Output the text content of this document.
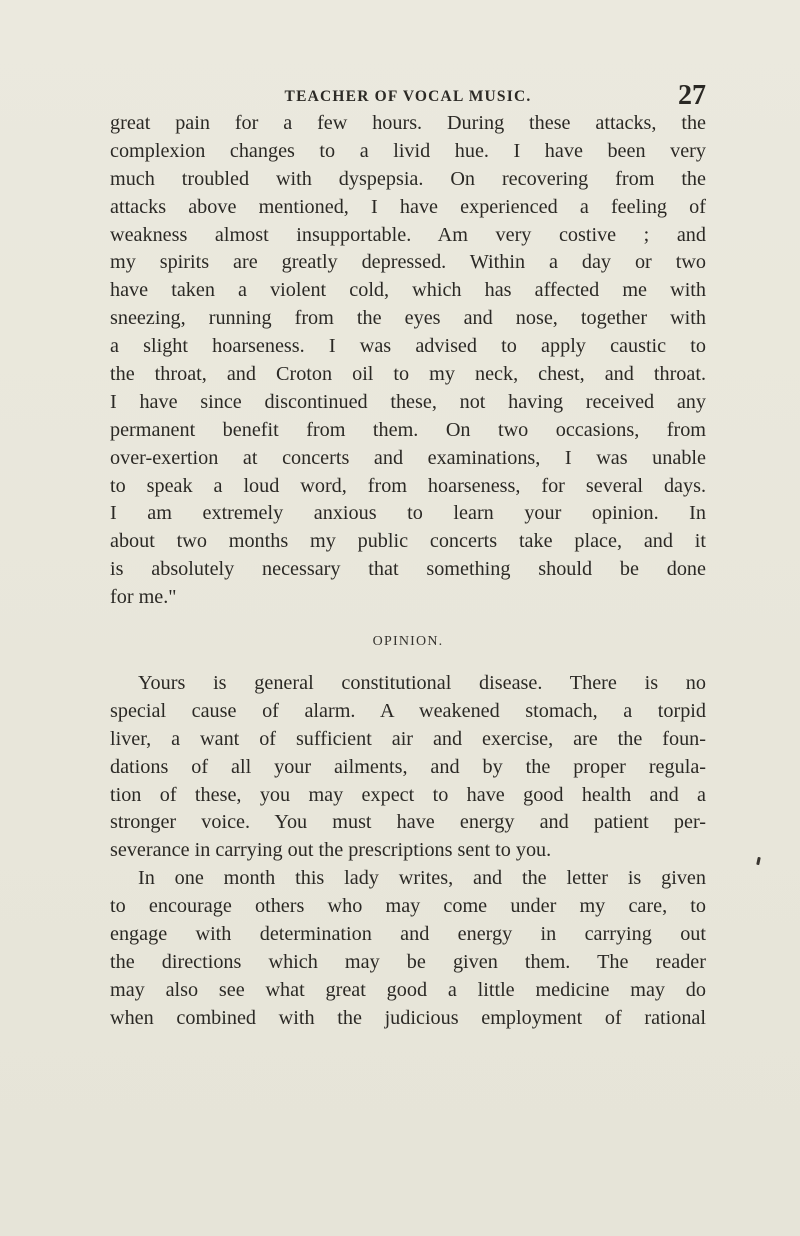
TEACHER OF VOCAL MUSIC.	27
great pain for a few hours. During these attacks, the
complexion changes to a livid hue. I have been very
much troubled with dyspepsia. On recovering from the
attacks above mentioned, I have experienced a feeling of
weakness almost insupportable. Am very costive ; and
my spirits are greatly depressed. Within a day or two
have taken a violent cold, which has affected me with
sneezing, running from the eyes and nose, together with
a slight hoarseness. I was advised to apply caustic to
the throat, and Croton oil to my neck, chest, and throat.
I have since discontinued these, not having received any
permanent benefit from them. On two occasions, from
over-exertion at concerts and examinations, I was unable
to speak a loud word, from hoarseness, for several days.
I am extremely anxious to learn your opinion. In
about two months my public concerts take place, and it
is absolutely necessary that something should be done
for me."
OPINION.
Yours is general constitutional disease. There is no
special cause of alarm. A weakened stomach, a torpid
liver, a want of sufficient air and exercise, are the foun-
dations of all your ailments, and by the proper regula-
tion of these, you may expect to have good health and a
stronger voice. You must have energy and patient per-
severance in carrying out the prescriptions sent to you.
In one month this lady writes, and the letter is given
to encourage others who may come under my care, to
engage with determination and energy in carrying out
the directions which may be given them. The reader
may also see what great good a little medicine may do
when combined with the judicious employment of rational
